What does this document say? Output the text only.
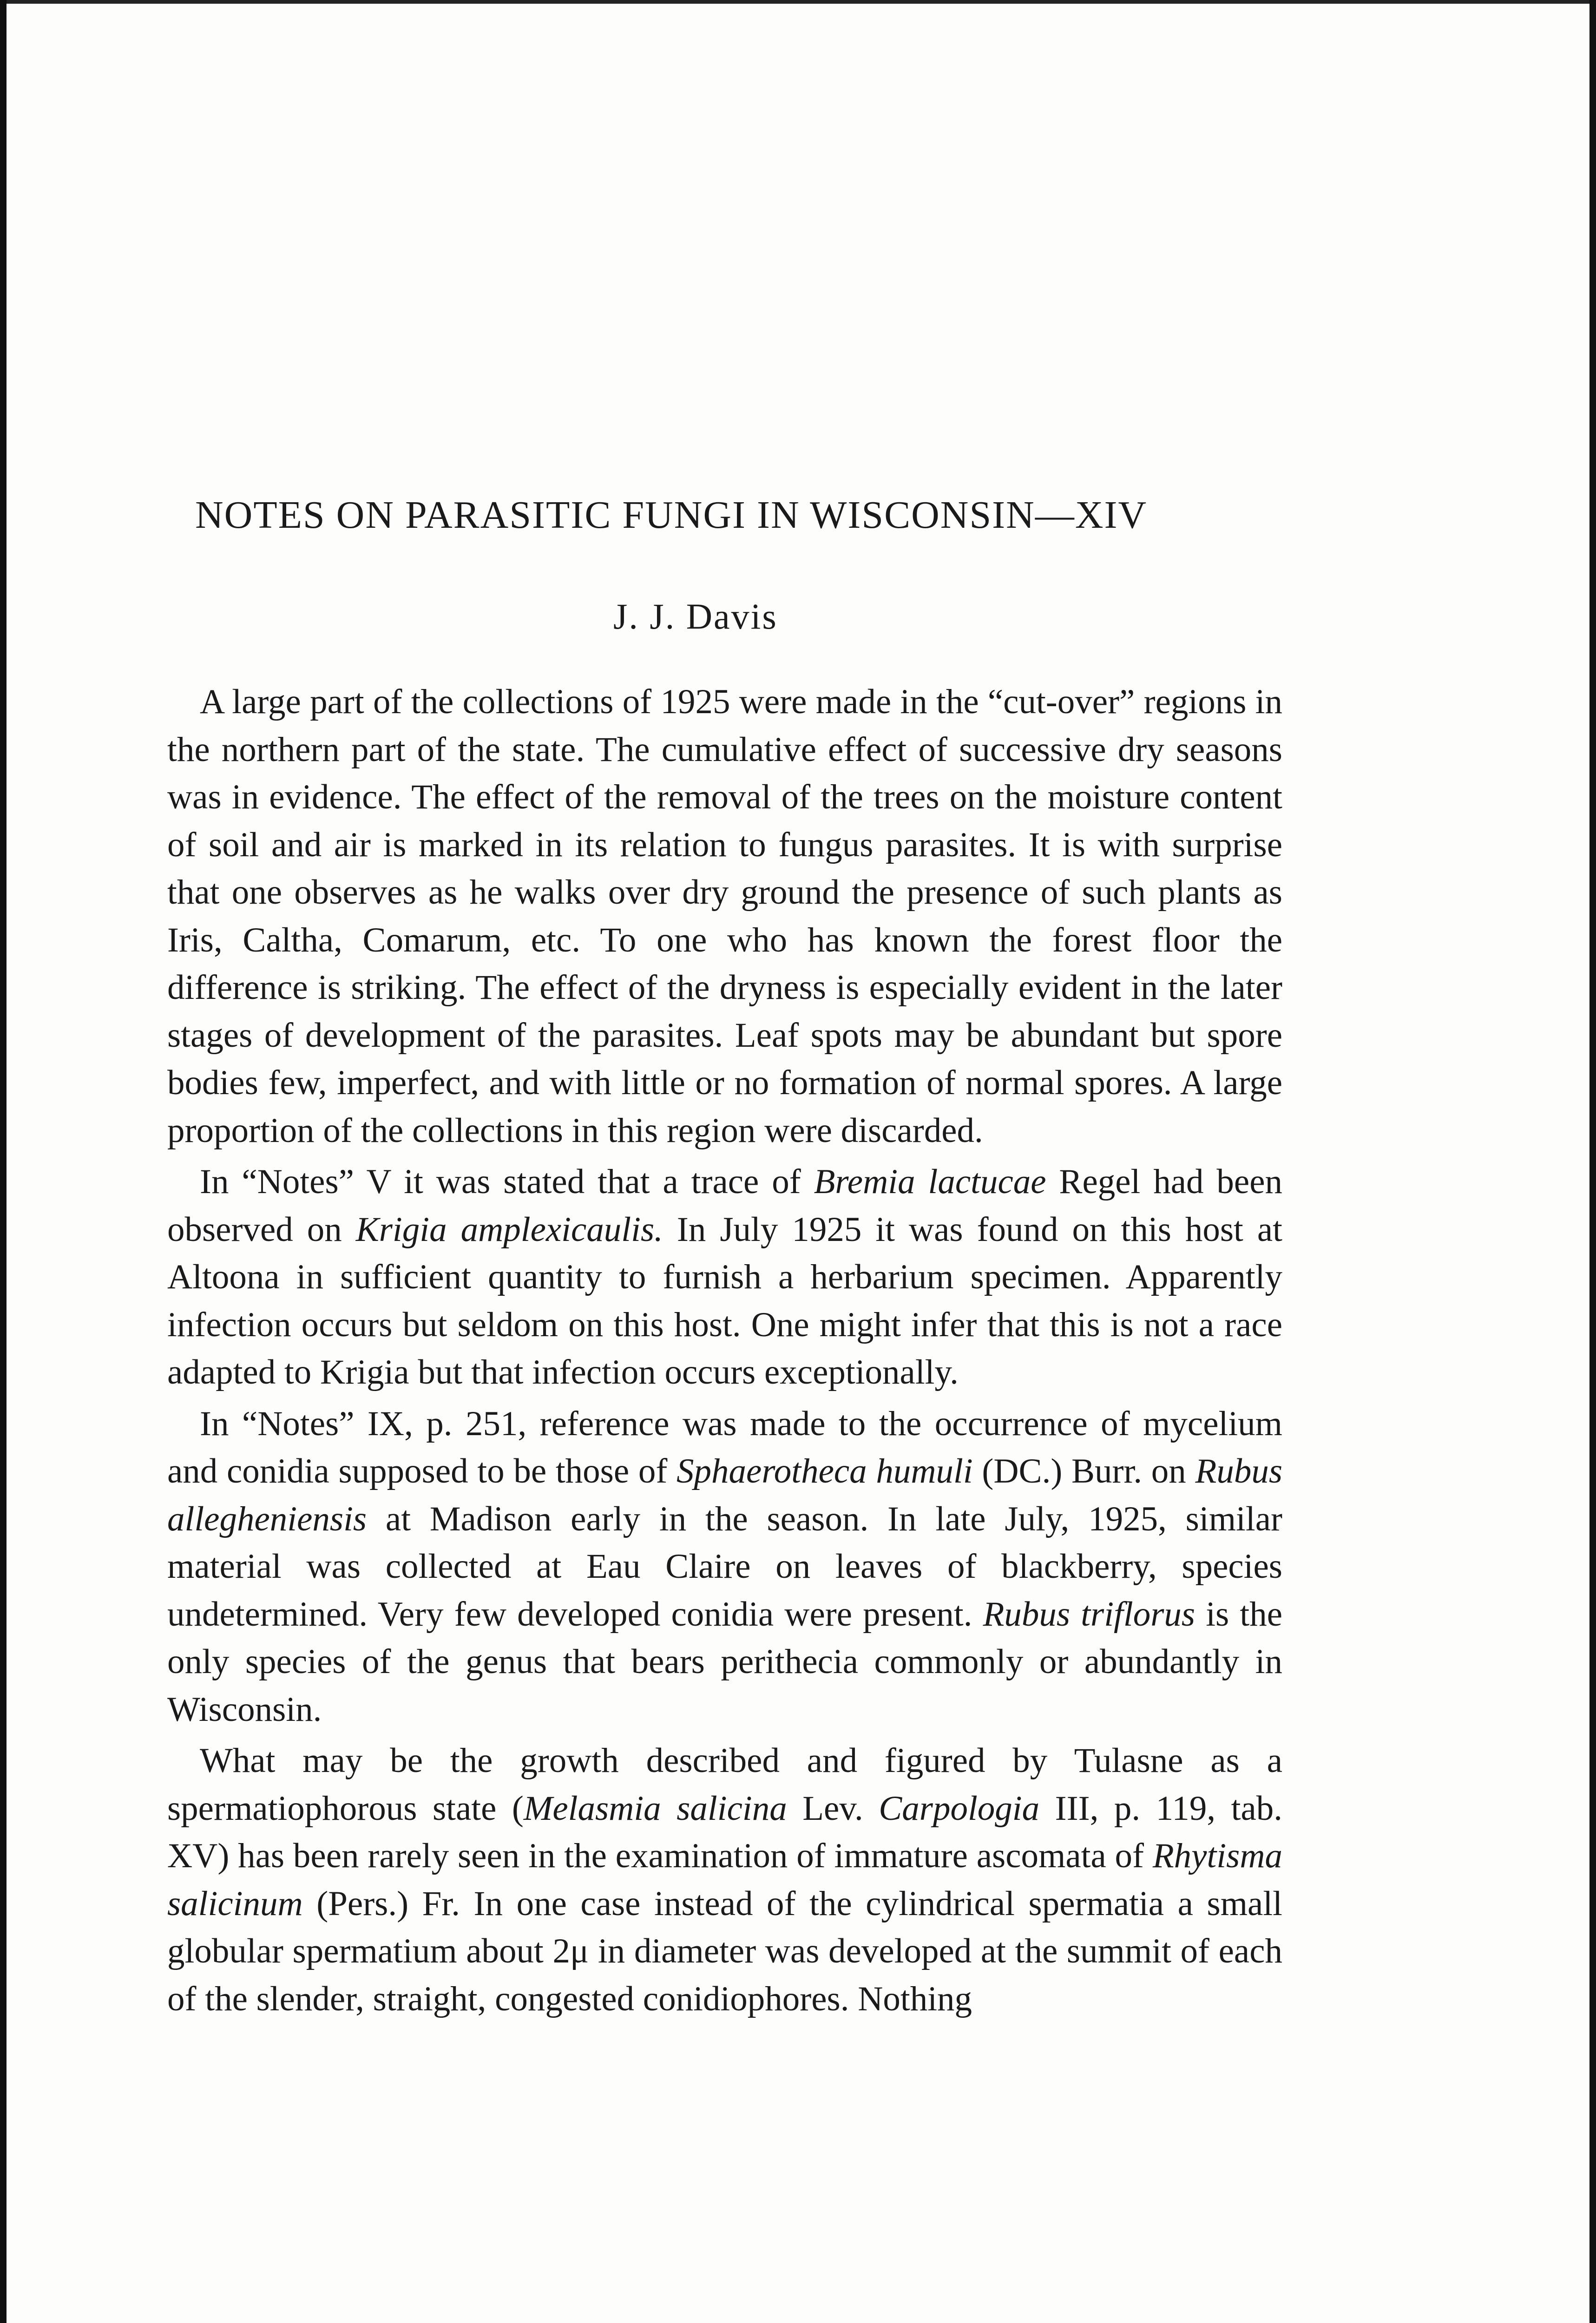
NOTES ON PARASITIC FUNGI IN WISCONSIN—XIV
J. J. Davis

A large part of the collections of 1925 were made in the “cut-over” regions in the northern part of the state. The cumulative effect of successive dry seasons was in evidence. The effect of the removal of the trees on the moisture content of soil and air is marked in its relation to fungus parasites. It is with surprise that one observes as he walks over dry ground the presence of such plants as Iris, Caltha, Comarum, etc. To one who has known the forest floor the difference is striking. The effect of the dryness is especially evident in the later stages of development of the parasites. Leaf spots may be abundant but spore bodies few, imperfect, and with little or no formation of normal spores. A large proportion of the collections in this region were discarded.

In “Notes” V it was stated that a trace of Bremia lactucae Regel had been observed on Krigia amplexicaulis. In July 1925 it was found on this host at Altoona in sufficient quantity to furnish a herbarium specimen. Apparently infection occurs but seldom on this host. One might infer that this is not a race adapted to Krigia but that infection occurs exceptionally.

In “Notes” IX, p. 251, reference was made to the occurrence of mycelium and conidia supposed to be those of Sphaerotheca humuli (DC.) Burr. on Rubus allegheniensis at Madison early in the season. In late July, 1925, similar material was collected at Eau Claire on leaves of blackberry, species undetermined. Very few developed conidia were present. Rubus triflorus is the only species of the genus that bears perithecia commonly or abundantly in Wisconsin.

What may be the growth described and figured by Tulasne as a spermatiophorous state (Melasmia salicina Lev. Carpologia III, p. 119, tab. XV) has been rarely seen in the examination of immature ascomata of Rhytisma salicinum (Pers.) Fr. In one case instead of the cylindrical spermatia a small globular spermatium about 2μ in diameter was developed at the summit of each of the slender, straight, congested conidiophores. Nothing
